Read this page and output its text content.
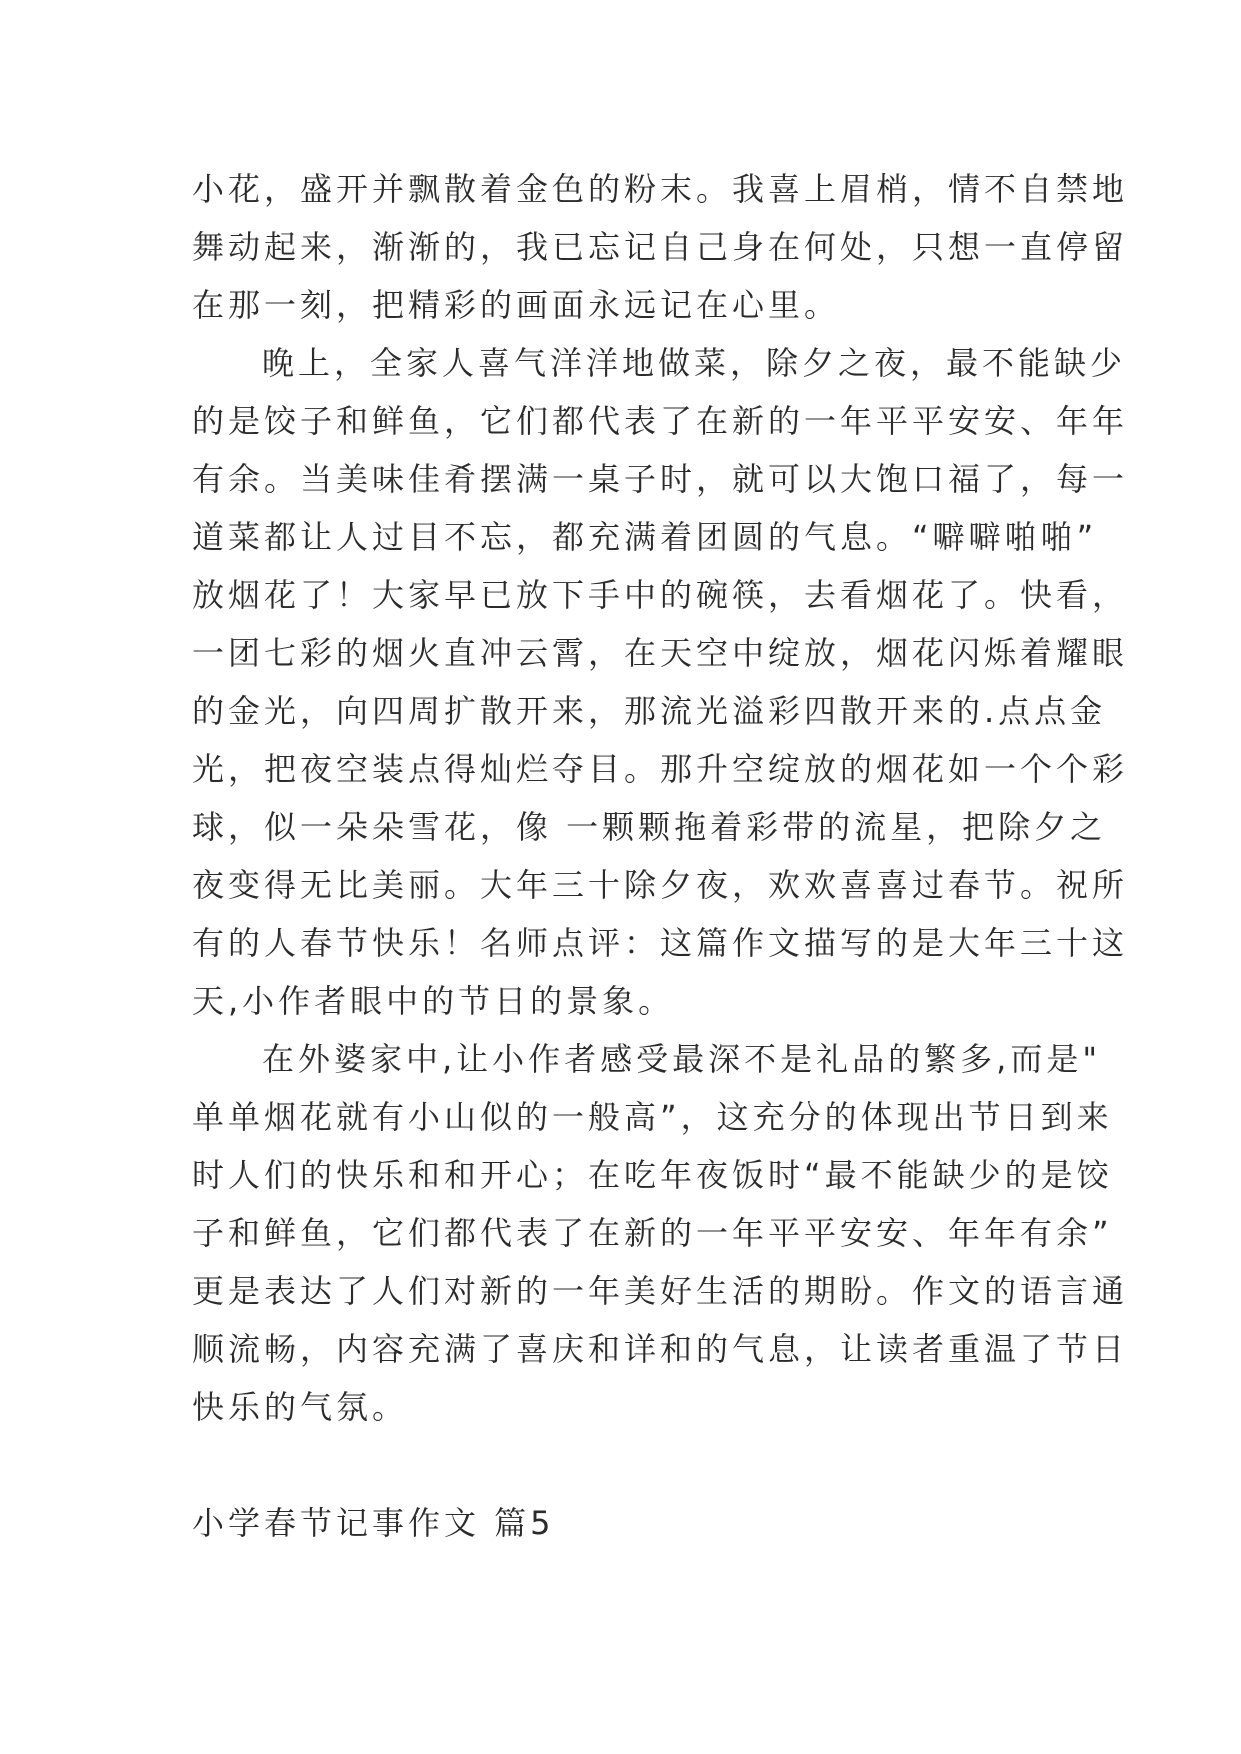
小花，盛开并飘散着金色的粉末。我喜上眉梢，情不自禁地
舞动起来，渐渐的，我已忘记自己身在何处，只想一直停留
在那一刻，把精彩的画面永远记在心里。
晚上，全家人喜气洋洋地做菜，除夕之夜，最不能缺少
的是饺子和鲜鱼，它们都代表了在新的一年平平安安、年年
有余。当美味佳肴摆满一桌子时，就可以大饱口福了，每一
道菜都让人过目不忘，都充满着团圆的气息。“噼噼啪啪”
放烟花了！大家早已放下手中的碗筷，去看烟花了。快看，
一团七彩的烟火直冲云霄，在天空中绽放，烟花闪烁着耀眼
的金光，向四周扩散开来，那流光溢彩四散开来的.点点金
光，把夜空装点得灿烂夺目。那升空绽放的烟花如一个个彩
球，似一朵朵雪花，像 一颗颗拖着彩带的流星，把除夕之
夜变得无比美丽。大年三十除夕夜，欢欢喜喜过春节。祝所
有的人春节快乐！名师点评：这篇作文描写的是大年三十这
天,小作者眼中的节日的景象。
在外婆家中,让小作者感受最深不是礼品的繁多,而是"
单单烟花就有小山似的一般高”，这充分的体现出节日到来
时人们的快乐和和开心；在吃年夜饭时“最不能缺少的是饺
子和鲜鱼，它们都代表了在新的一年平平安安、年年有余”
更是表达了人们对新的一年美好生活的期盼。作文的语言通
顺流畅，内容充满了喜庆和详和的气息，让读者重温了节日
快乐的气氛。
小学春节记事作文 篇5
